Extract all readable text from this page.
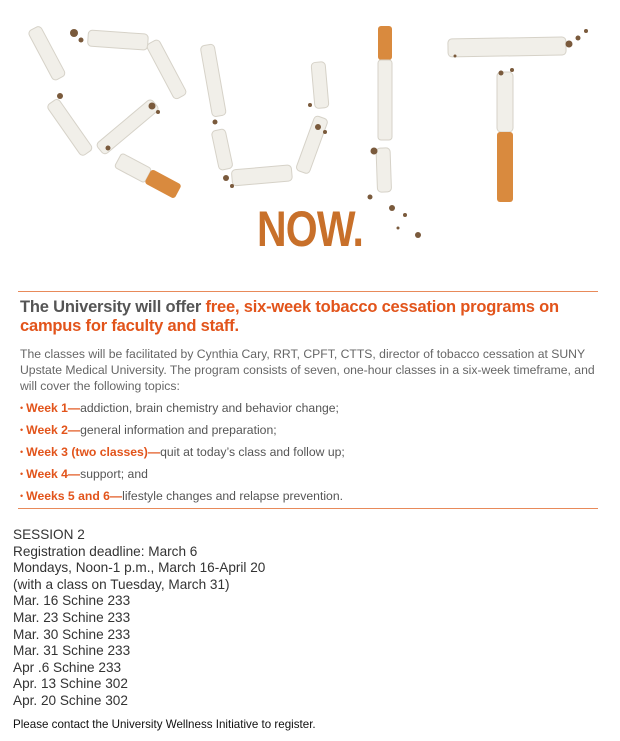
NOW.
The University will offer free, six-week tobacco cessation programs on campus for faculty and staff.
The classes will be facilitated by Cynthia Cary, RRT, CPFT, CTTS, director of tobacco cessation at SUNY Upstate Medical University. The program consists of seven, one-hour classes in a six-week timeframe, and will cover the following topics:
• Week 1—addiction, brain chemistry and behavior change;
• Week 2—general information and preparation;
• Week 3 (two classes)—quit at today’s class and follow up;
• Week 4—support; and
• Weeks 5 and 6—lifestyle changes and relapse prevention.
SESSION 2
Registration deadline: March 6
Mondays, Noon-1 p.m., March 16-April 20
(with a class on Tuesday, March 31)
Mar. 16 Schine 233
Mar. 23 Schine 233
Mar. 30 Schine 233
Mar. 31 Schine 233
Apr .6 Schine 233
Apr. 13 Schine 302
Apr. 20 Schine 302
Please contact the University Wellness Initiative to register.
